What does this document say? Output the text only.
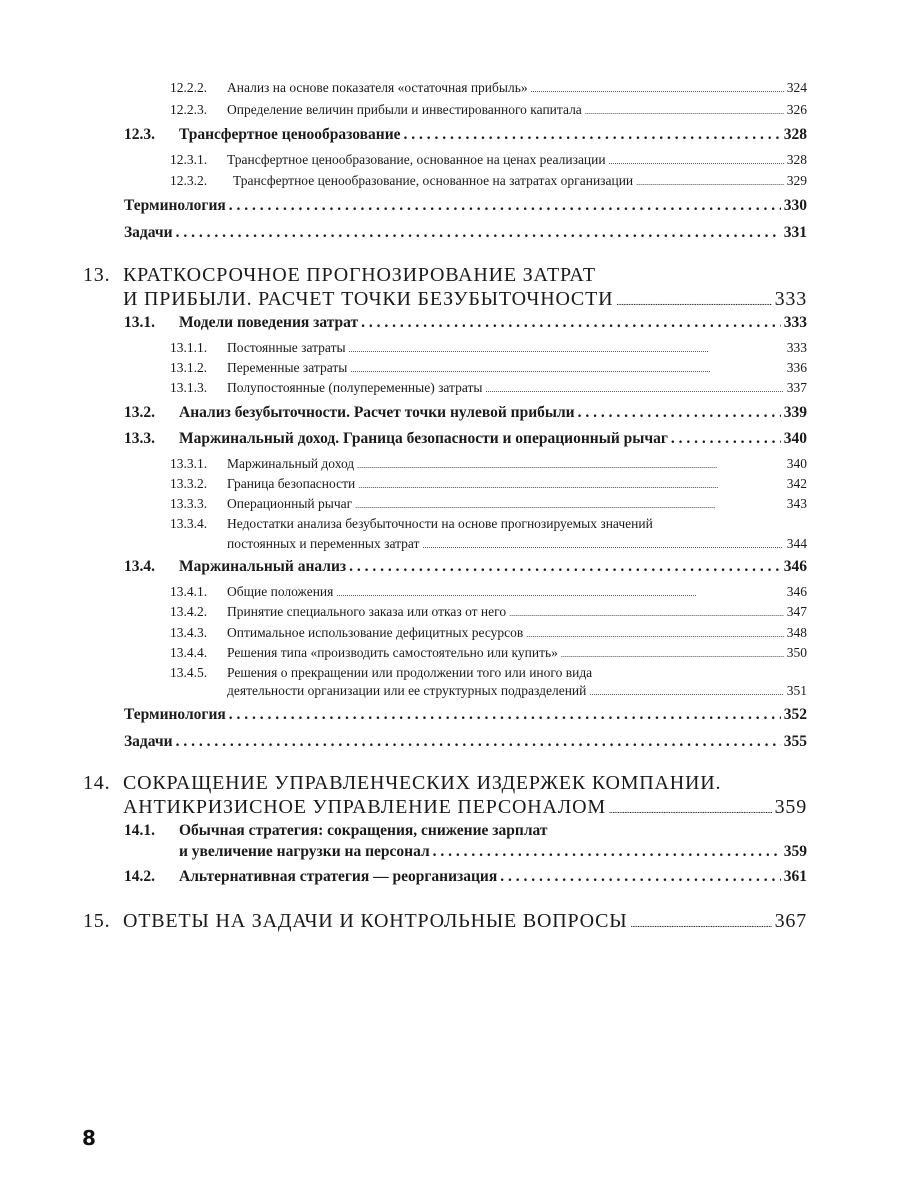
12.2.2.	Анализ на основе показателя «остаточная прибыль» . . .	324
12.2.3.	Определение величин прибыли и инвестированного капитала . . .	326
12.3.	Трансфертное ценообразование . . .	328
12.3.1.	Трансфертное ценообразование, основанное на ценах реализации . . .	328
12.3.2.	Трансфертное ценообразование, основанное на затратах организации . . .	329
Терминология . . .	330
Задачи . . .	331
13. КРАТКОСРОЧНОЕ ПРОГНОЗИРОВАНИЕ ЗАТРАТ
И ПРИБЫЛИ. РАСЧЕТ ТОЧКИ БЕЗУБЫТОЧНОСТИ . . .	333
13.1.	Модели поведения затрат . . .	333
13.1.1.	Постоянные затраты . . .	333
13.1.2.	Переменные затраты . . .	336
13.1.3.	Полупостоянные (полупеременные) затраты . . .	337
13.2.	Анализ безубыточности. Расчет точки нулевой прибыли . . .	339
13.3.	Маржинальный доход. Граница безопасности и операционный рычаг . . .	340
13.3.1.	Маржинальный доход . . .	340
13.3.2.	Граница безопасности . . .	342
13.3.3.	Операционный рычаг . . .	343
13.3.4. Недостатки анализа безубыточности на основе прогнозируемых значений
постоянных и переменных затрат . . .	344
13.4.	Маржинальный анализ . . .	346
13.4.1.	Общие положения . . .	346
13.4.2.	Принятие специального заказа или отказ от него . . .	347
13.4.3.	Оптимальное использование дефицитных ресурсов . . .	348
13.4.4.	Решения типа «производить самостоятельно или купить» . . .	350
13.4.5. Решения о прекращении или продолжении того или иного вида
деятельности организации или ее структурных подразделений . . .	351
Терминология . . .	352
Задачи . . .	355
14. СОКРАЩЕНИЕ УПРАВЛЕНЧЕСКИХ ИЗДЕРЖЕК КОМПАНИИ.
АНТИКРИЗИСНОЕ УПРАВЛЕНИЕ ПЕРСОНАЛОМ . . .	359
14.1. Обычная стратегия: сокращения, снижение зарплат
и увеличение нагрузки на персонал . . .	359
14.2.	Альтернативная стратегия — реорганизация . . .	361
15. ОТВЕТЫ НА ЗАДАЧИ И КОНТРОЛЬНЫЕ ВОПРОСЫ . . .	367
8
